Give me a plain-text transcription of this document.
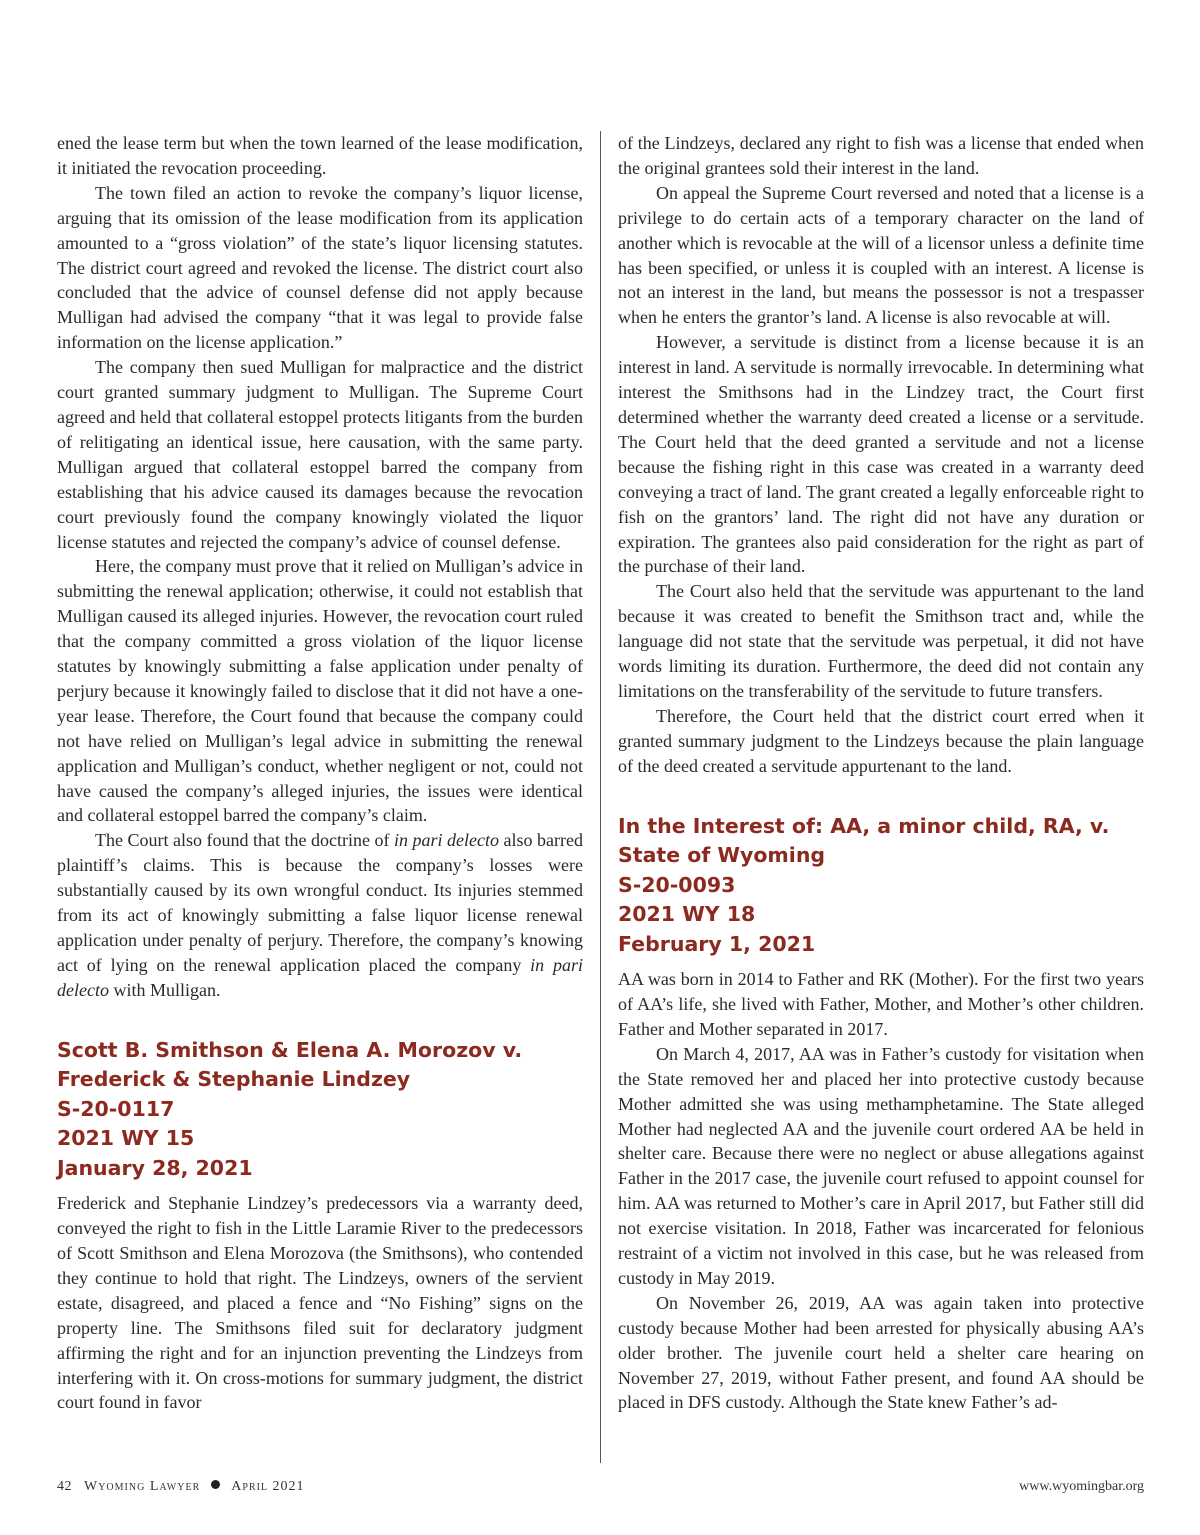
ened the lease term but when the town learned of the lease modification, it initiated the revocation proceeding.

The town filed an action to revoke the company’s liquor license, arguing that its omission of the lease modification from its application amounted to a “gross violation” of the state’s liquor licensing statutes. The district court agreed and revoked the license. The district court also concluded that the advice of counsel defense did not apply because Mulligan had advised the company “that it was legal to provide false information on the license application.”

The company then sued Mulligan for malpractice and the district court granted summary judgment to Mulligan. The Supreme Court agreed and held that collateral estoppel protects litigants from the burden of relitigating an identical issue, here causation, with the same party. Mulligan argued that collateral estoppel barred the company from establishing that his advice caused its damages because the revocation court previously found the company knowingly violated the liquor license statutes and rejected the company’s advice of counsel defense.

Here, the company must prove that it relied on Mulligan’s advice in submitting the renewal application; otherwise, it could not establish that Mulligan caused its alleged injuries. However, the revocation court ruled that the company committed a gross violation of the liquor license statutes by knowingly submitting a false application under penalty of perjury because it knowingly failed to disclose that it did not have a one-year lease. Therefore, the Court found that because the company could not have relied on Mulligan’s legal advice in submitting the renewal application and Mulligan’s conduct, whether negligent or not, could not have caused the company’s alleged injuries, the issues were identical and collateral estoppel barred the company’s claim.

The Court also found that the doctrine of in pari delecto also barred plaintiff’s claims. This is because the company’s losses were substantially caused by its own wrongful conduct. Its injuries stemmed from its act of knowingly submitting a false liquor license renewal application under penalty of perjury. Therefore, the company’s knowing act of lying on the renewal application placed the company in pari delecto with Mulligan.

Scott B. Smithson & Elena A. Morozov v. Frederick & Stephanie Lindzey
S-20-0117
2021 WY 15
January 28, 2021

Frederick and Stephanie Lindzey’s predecessors via a warranty deed, conveyed the right to fish in the Little Laramie River to the predecessors of Scott Smithson and Elena Morozova (the Smithsons), who contended they continue to hold that right. The Lindzeys, owners of the servient estate, disagreed, and placed a fence and “No Fishing” signs on the property line. The Smithsons filed suit for declaratory judgment affirming the right and for an injunction preventing the Lindzeys from interfering with it. On cross-motions for summary judgment, the district court found in favor

of the Lindzeys, declared any right to fish was a license that ended when the original grantees sold their interest in the land.

On appeal the Supreme Court reversed and noted that a license is a privilege to do certain acts of a temporary character on the land of another which is revocable at the will of a licensor unless a definite time has been specified, or unless it is coupled with an interest. A license is not an interest in the land, but means the possessor is not a trespasser when he enters the grantor’s land. A license is also revocable at will.

However, a servitude is distinct from a license because it is an interest in land. A servitude is normally irrevocable. In determining what interest the Smithsons had in the Lindzey tract, the Court first determined whether the warranty deed created a license or a servitude. The Court held that the deed granted a servitude and not a license because the fishing right in this case was created in a warranty deed conveying a tract of land. The grant created a legally enforceable right to fish on the grantors’ land. The right did not have any duration or expiration. The grantees also paid consideration for the right as part of the purchase of their land.

The Court also held that the servitude was appurtenant to the land because it was created to benefit the Smithson tract and, while the language did not state that the servitude was perpetual, it did not have words limiting its duration. Furthermore, the deed did not contain any limitations on the transferability of the servitude to future transfers.

Therefore, the Court held that the district court erred when it granted summary judgment to the Lindzeys because the plain language of the deed created a servitude appurtenant to the land.

In the Interest of: AA, a minor child, RA, v. State of Wyoming
S-20-0093
2021 WY 18
February 1, 2021

AA was born in 2014 to Father and RK (Mother). For the first two years of AA’s life, she lived with Father, Mother, and Mother’s other children. Father and Mother separated in 2017.

On March 4, 2017, AA was in Father’s custody for visitation when the State removed her and placed her into protective custody because Mother admitted she was using methamphetamine. The State alleged Mother had neglected AA and the juvenile court ordered AA be held in shelter care. Because there were no neglect or abuse allegations against Father in the 2017 case, the juvenile court refused to appoint counsel for him. AA was returned to Mother’s care in April 2017, but Father still did not exercise visitation. In 2018, Father was incarcerated for felonious restraint of a victim not involved in this case, but he was released from custody in May 2019.

On November 26, 2019, AA was again taken into protective custody because Mother had been arrested for physically abusing AA’s older brother. The juvenile court held a shelter care hearing on November 27, 2019, without Father present, and found AA should be placed in DFS custody. Although the State knew Father’s ad-

42 Wyoming Lawyer April 2021	www.wyomingbar.org
